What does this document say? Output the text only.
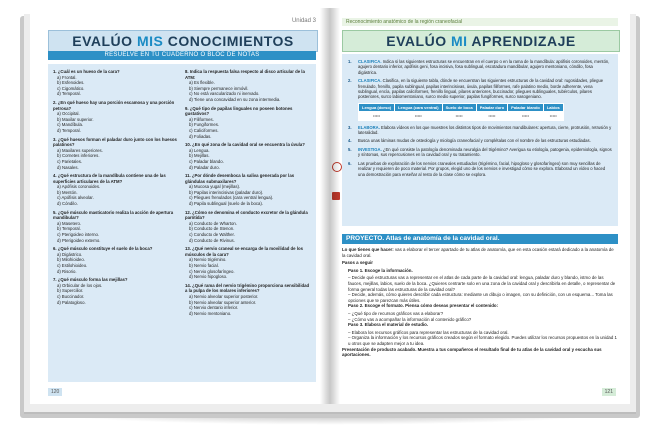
Unidad 3
EVALÚO MIS CONOCIMIENTOS
RESUELVE EN TU CUADERNO O BLOC DE NOTAS
1. ¿Cuál es un hueso de la cara?
a) Frontal.
b) Esfenoides.
c) Cigomático.
d) Temporal.
2. ¿En qué hueso hay una porción escamosa y una porción petrosa?
a) Occipital.
b) Maxilar superior.
c) Mandíbula.
d) Temporal.
3. ¿Qué huesos forman el paladar duro junto con los huesos palatinos?
a) Maxilares superiores.
b) Cornetes inferiores.
c) Parietales.
d) Nasales.
4. ¿Qué estructura de la mandíbula contiene una de las superficies articulares de la ATM?
a) Apófisis coronoides.
b) Mentón.
c) Apófisis alveolar.
d) Cóndilo.
5. ¿Qué músculo masticatorio realiza la acción de apertura mandibular?
a) Masetero.
b) Temporal.
c) Pterigoideo interno.
d) Pterigoideo externo.
6. ¿Qué músculo constituye el suelo de la boca?
a) Digástrico.
b) Milohioideo.
c) Estilohioideo.
d) Risorio.
7. ¿Qué músculo forma las mejillas?
a) Orbicular de los ojos.
b) Supercilior.
c) Buccinador.
d) Palatogloso.
8. Indica la respuesta falsa respecto al disco articular de la ATM:
a) Es flexible.
b) Siempre permanece inmóvil.
c) No está vascularizado ni inervado.
d) Tiene una concavidad en su zona intermedia.
9. ¿Qué tipo de papilas linguales no poseen botones gustativos?
a) Filiformes.
b) Fungiformes.
c) Caliciformes.
d) Foliadas.
10. ¿En qué zona de la cavidad oral se encuentra la úvula?
a) Lengua.
b) Mejillas.
c) Paladar blando.
d) Paladar duro.
11. ¿Por dónde desemboca la saliva generada por las glándulas submaxilares?
a) Mucosa yugal (mejillas).
b) Papilas interincisivas (paladar duro).
c) Pliegues frenulados (cara ventral lengua).
d) Papila sublingual (suelo de la boca).
12. ¿Cómo se denomina el conducto excretor de la glándula parótida?
a) Conducto de Wharton.
b) Conducto de Stenon.
c) Conducto de Walther.
d) Conducto de Rivinus.
13. ¿Qué nervio craneal se encarga de la movilidad de los músculos de la cara?
a) Nervio trigémino.
b) Nervio facial.
c) Nervio glosofaríngeo.
d) Nervio hipogloso.
14. ¿Qué rama del nervio trigémino proporciona sensibilidad a la pulpa de los molares inferiores?
a) Nervio alveolar superior posterior.
b) Nervio alveolar superior anterior.
c) Nervio dentario inferior.
d) Nervio mentoniano.
120
Reconocimiento anatómico de la región craneofacial
EVALÚO MI APRENDIZAJE
1. CLASIFICA. Indica si las siguientes estructuras se encuentran en el cuerpo o en la rama de la mandíbula: apófisis coronoides, mentón, agujero dentario inferior, apófisis geni, fosa incisiva, fosa sublingual, escotadura mandibular, agujero mentoniano, cóndilo, fosa digástrica.
2. CLASIFICA. Clasifica, en la siguiente tabla, dónde se encuentran las siguientes estructuras de la cavidad oral: rugosidades, pliegue frenulado, frenillo, papila sublingual, papilas interincisivas, úvula, papilas filiformes, rafe palatino medio, borde adherente, vena sublingual, encía, papilas caliciformes, frenillo lingual, pilares anteriores, buccinador, pliegues sublinguales, tubérculos, pilares posteriores, surco labiomentoniano, surco medio superior, papilas fungiformes, surco nasogeniano.
Lengua (dorso)	Lengua (cara ventral)	Suelo de boca	Paladar duro	Paladar blando	Labios
•••••	•••••	•••••	•••••	•••••	•••••
3. ELABORA. Elabora vídeos en los que muestres los distintos tipos de movimientos mandibulares: apertura, cierre, protrusión, retrusión y lateralidad.
4. Busca unas láminas mudas de osteología y miología craneofacial y complétalas con el nombre de las estructuras estudiadas.
5. INVESTIGA. ¿En qué consiste la patología denominada neuralgia del trigémino? Averigua su etiología, patogenia, epidemiología, signos y síntomas, sus repercusiones en la cavidad oral y su tratamiento.
6. Las pruebas de exploración de los nervios craneales estudiados (trigémino, facial, hipogloso y glosofaríngeo) son muy sencillas de realizar y requieren de poco material. Por grupos, elegid uno de los nervios e investigad cómo se explora. Elaborad un vídeo o haced una demostración para enseñar al resto de la clase cómo se explora.
PROYECTO. Atlas de anatomía de la cavidad oral.

Lo que tienes que hacer: vas a elaborar el tercer apartado de tu atlas de anatomía, que en esta ocasión estará dedicado a la anatomía de la cavidad oral.

Pasos a seguir

Paso 1. Escoge la información.

– Decide qué estructuras vas a representar en el atlas de cada parte de la cavidad oral: lengua, paladar duro y blando, istmo de las fauces, mejillas, labios, suelo de la boca. ¿Quieres centrarte solo en una zona de la cavidad oral y describirla en detalle, o representar de forma general todas las estructuras de la cavidad oral?
– Decide, además, cómo quieres describir cada estructura: mediante un dibujo o imagen, con su definición, con un esquema... Toma las opciones que te parezcan más útiles.

Paso 2. Escoge el formato. Piensa cómo deseas presentar el contenido:

– ¿Qué tipo de recursos gráficos vas a elaborar?
– ¿Cómo vas a acompañar la información al contenido gráfico?

Paso 3. Elabora el material de estudio.

– Elabora los recursos gráficos para representar las estructuras de la cavidad oral.
– Organiza la información y los recursos gráficos creados según el formato elegido. Puedes utilizar los recursos propuestos en la unidad 1 u otros que se adapten mejor a tu idea.

Presentación de producto acabado. Muestra a tus compañeros el resultado final de tu atlas de la cavidad oral y escucha sus aportaciones.

121
